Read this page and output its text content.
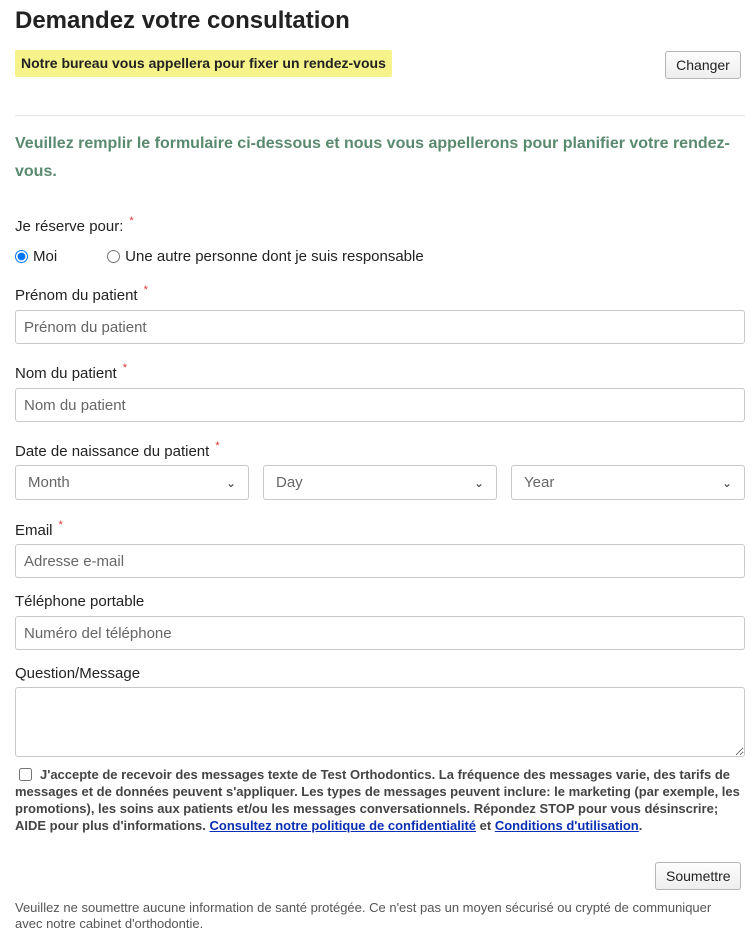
Demandez votre consultation
Notre bureau vous appellera pour fixer un rendez-vous	Changer
Veuillez remplir le formulaire ci-dessous et nous vous appellerons pour planifier votre rendez-vous.
Je réserve pour: *
Moi	Une autre personne dont je suis responsable
Prénom du patient *
Prénom du patient
Nom du patient *
Nom du patient
Date de naissance du patient *
Month	⌄	Day	⌄	Year	⌄
Email *
Adresse e-mail
Téléphone portable
Numéro del téléphone
Question/Message
J'accepte de recevoir des messages texte de Test Orthodontics. La fréquence des messages varie, des tarifs de messages et de données peuvent s'appliquer. Les types de messages peuvent inclure: le marketing (par exemple, les promotions), les soins aux patients et/ou les messages conversationnels. Répondez STOP pour vous désinscrire; AIDE pour plus d'informations. Consultez notre politique de confidentialité et Conditions d'utilisation.
Soumettre
Veuillez ne soumettre aucune information de santé protégée. Ce n'est pas un moyen sécurisé ou crypté de communiquer avec notre cabinet d'orthodontie.
